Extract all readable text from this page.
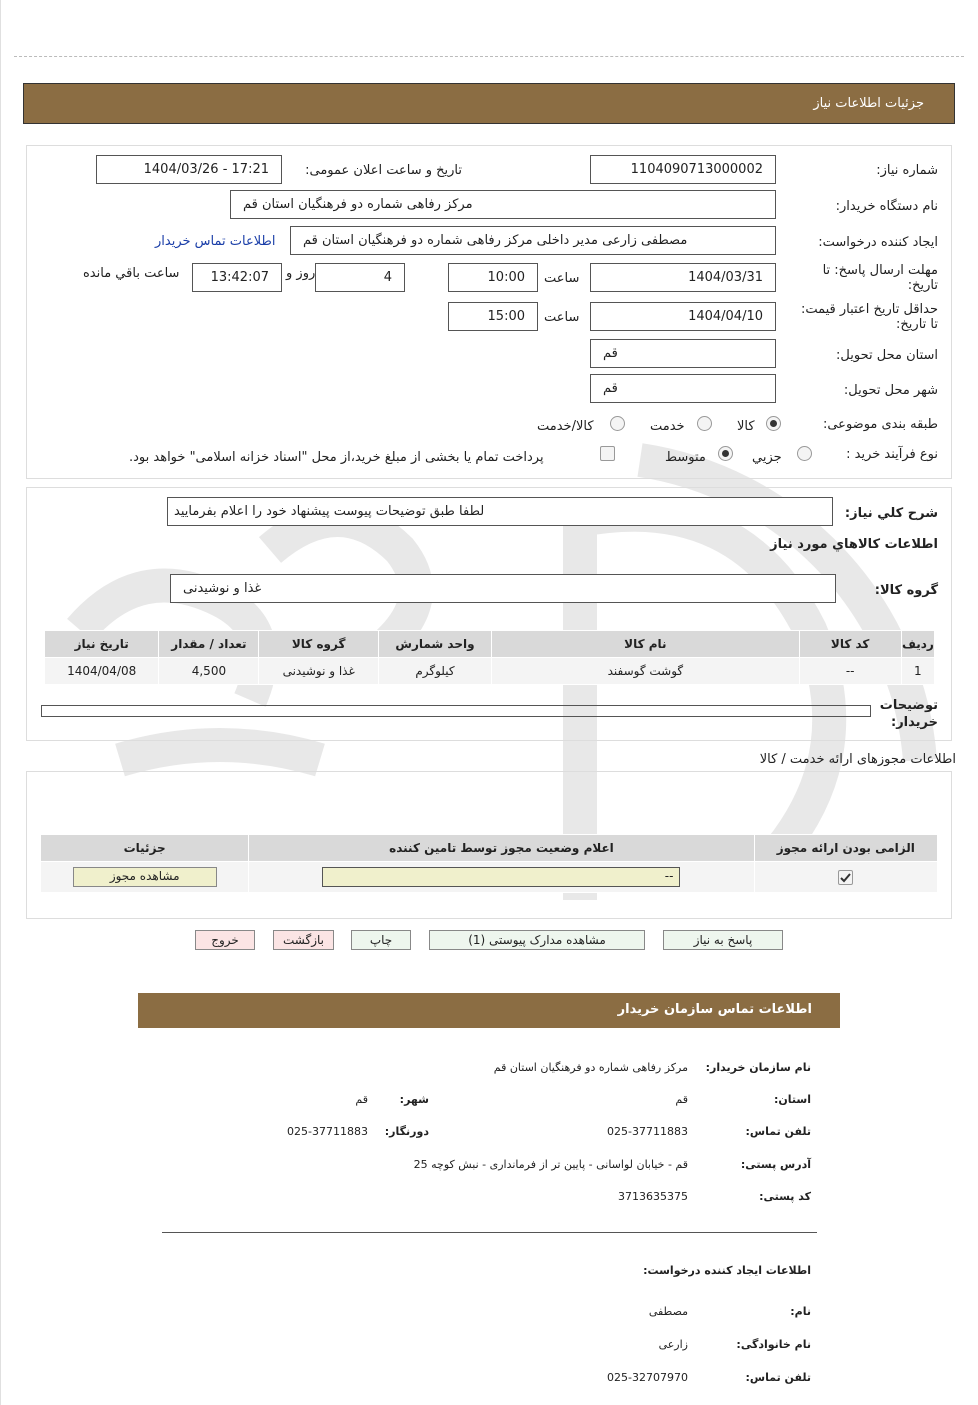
جزئیات اطلاعات نیاز
شماره نیاز:
1104090713000002
تاریخ و ساعت اعلان عمومی:
1404/03/26 - 17:21
نام دستگاه خریدار:
مرکز رفاهی شماره دو فرهنگیان استان قم
ایجاد کننده درخواست:
مصطفی زارعی مدیر داخلی مرکز رفاهی شماره دو فرهنگیان استان قم
اطلاعات تماس خریدار
مهلت ارسال پاسخ: تا
تاریخ:
1404/03/31
ساعت
10:00
4
روز و
13:42:07
ساعت باقي مانده
حداقل تاریخ اعتبار قیمت:
تا تاریخ:
1404/04/10
ساعت
15:00
استان محل تحویل:
قم
شهر محل تحویل:
قم
طبقه بندی موضوعی:
کالا
خدمت
کالا/خدمت
نوع فرآیند خرید :
جزيي
متوسط
پرداخت تمام یا بخشی از مبلغ خرید،از محل "اسناد خزانه اسلامی" خواهد بود.
شرح کلي نياز:
لطفا طبق توضیحات پیوست پیشنهاد خود را اعلام بفرمایید
اطلاعات کالاهاي مورد نياز
گروه کالا:
غذا و نوشیدنی
رديف	کد کالا	نام کالا	واحد شمارش	گروه کالا	تعداد / مقدار	تاریخ نیاز
1	--	گوشت گوسفند	کیلوگرم	غذا و نوشیدنی	4,500	1404/04/08
توضیحات
خریدار:
اطلاعات مجوزهای ارائه خدمت / کالا
الزامی بودن ارائه مجوز	اعلام وضعیت مجوز توسط تامین کننده	جزئیات

--	مشاهده مجوز
پاسخ به نیاز
مشاهده مدارک پیوستی (1)
چاپ
بازگشت
خروج
اطلاعات تماس سازمان خریدار
نام سازمان خریدار:
مرکز رفاهی شماره دو فرهنگیان استان قم
استان:
قم
شهر:
قم
تلفن تماس:
025-37711883
دورنگار:
025-37711883
آدرس پستی:
قم - خیابان لواسانی - پایین تر از فرمانداری - نبش کوچه 25
کد پستی:
3713635375
اطلاعات ایجاد کننده درخواست:
نام:
مصطفی
نام خانوادگی:
زارعی
تلفن تماس:
025-32707970
